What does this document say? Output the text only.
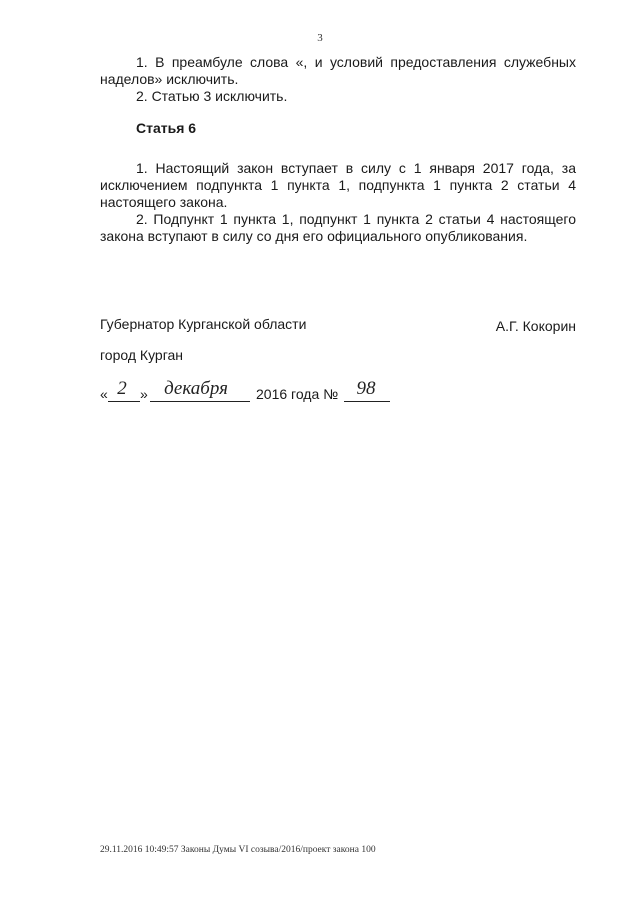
3

1. В преамбуле слова «, и условий предоставления служебных наделов» исключить.

2. Статью 3 исключить.

Статья 6

1. Настоящий закон вступает в силу с 1 января 2017 года, за исключением подпункта 1 пункта 1, подпункта 1 пункта 2 статьи 4 настоящего закона.

2. Подпункт 1 пункта 1, подпункт 1 пункта 2 статьи 4 настоящего закона вступают в силу со дня его официального опубликования.

Губернатор Курганской области	А.Г. Кокорин
город Курган
« 2 » декабря	2016 года № 98
29.11.2016 10:49:57 Законы Думы VI созыва/2016/проект закона 100
